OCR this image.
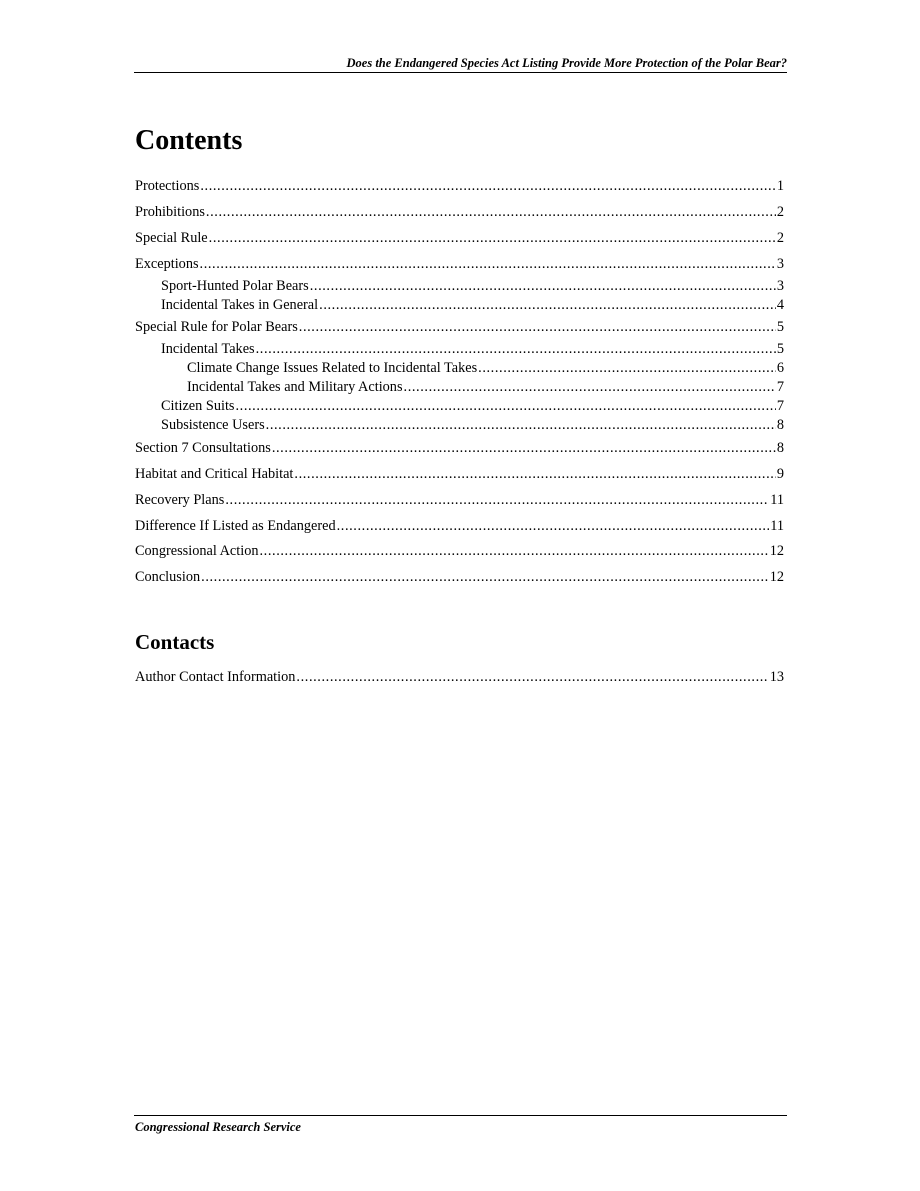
Does the Endangered Species Act Listing Provide More Protection of the Polar Bear?
Contents
Protections .....	1
Prohibitions .....	2
Special Rule .....	2
Exceptions .....	3
Sport-Hunted Polar Bears .....	3
Incidental Takes in General .....	4
Special Rule for Polar Bears .....	5
Incidental Takes .....	5
Climate Change Issues Related to Incidental Takes .....	6
Incidental Takes and Military Actions .....	7
Citizen Suits .....	7
Subsistence Users .....	8
Section 7 Consultations .....	8
Habitat and Critical Habitat .....	9
Recovery Plans .....	11
Difference If Listed as Endangered .....	11
Congressional Action .....	12
Conclusion .....	12
Contacts
Author Contact Information .....	13
Congressional Research Service
